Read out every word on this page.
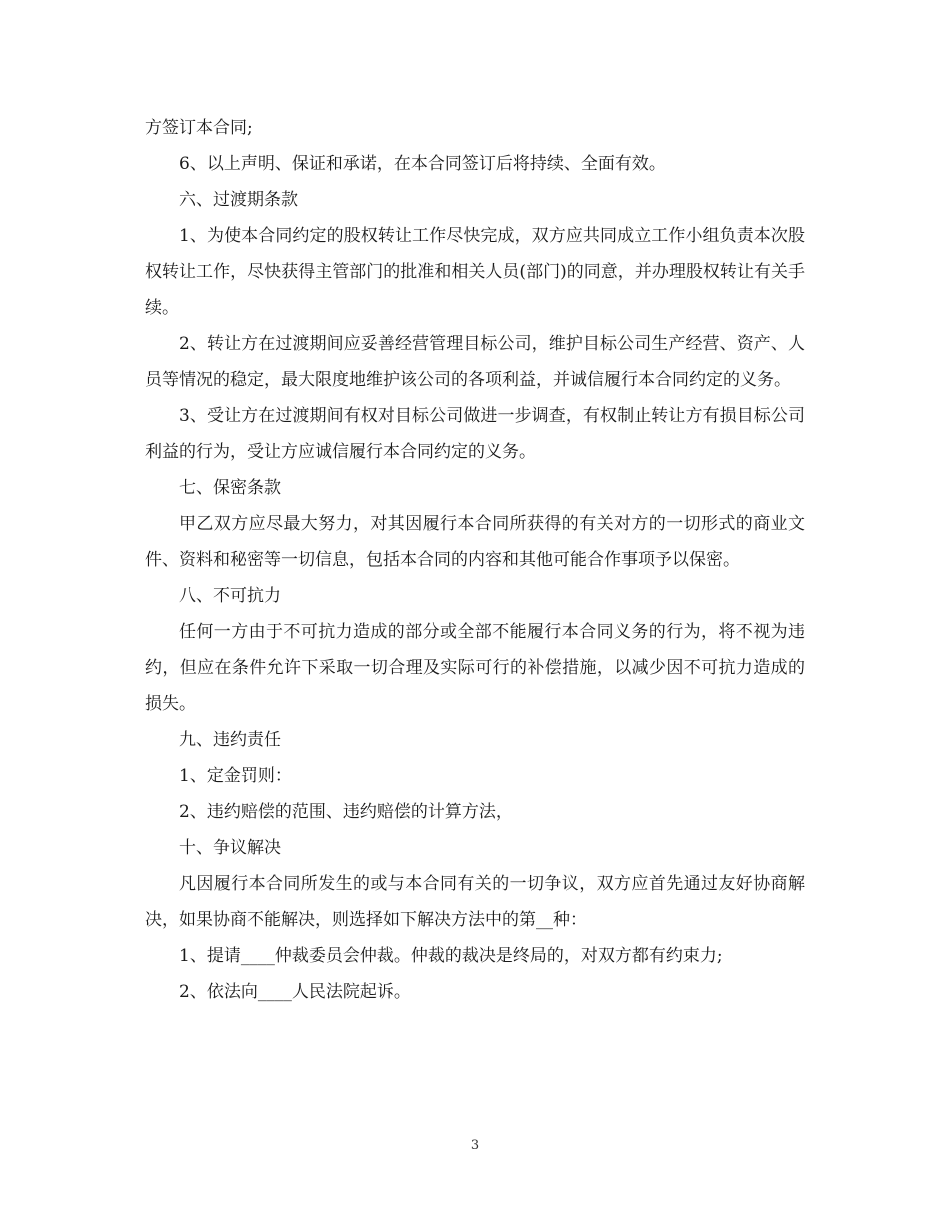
方签订本合同;

6、以上声明、保证和承诺，在本合同签订后将持续、全面有效。

六、过渡期条款

1、为使本合同约定的股权转让工作尽快完成，双方应共同成立工作小组负责本次股权转让工作，尽快获得主管部门的批准和相关人员(部门)的同意，并办理股权转让有关手续。

2、转让方在过渡期间应妥善经营管理目标公司，维护目标公司生产经营、资产、人员等情况的稳定，最大限度地维护该公司的各项利益，并诚信履行本合同约定的义务。

3、受让方在过渡期间有权对目标公司做进一步调查，有权制止转让方有损目标公司利益的行为，受让方应诚信履行本合同约定的义务。

七、保密条款

甲乙双方应尽最大努力，对其因履行本合同所获得的有关对方的一切形式的商业文件、资料和秘密等一切信息，包括本合同的内容和其他可能合作事项予以保密。

八、不可抗力

任何一方由于不可抗力造成的部分或全部不能履行本合同义务的行为，将不视为违约，但应在条件允许下采取一切合理及实际可行的补偿措施，以减少因不可抗力造成的损失。

九、违约责任

1、定金罚则：

2、违约赔偿的范围、违约赔偿的计算方法，

十、争议解决

凡因履行本合同所发生的或与本合同有关的一切争议，双方应首先通过友好协商解决，如果协商不能解决，则选择如下解决方法中的第__种：

1、提请____仲裁委员会仲裁。仲裁的裁决是终局的，对双方都有约束力;

2、依法向____人民法院起诉。

3
